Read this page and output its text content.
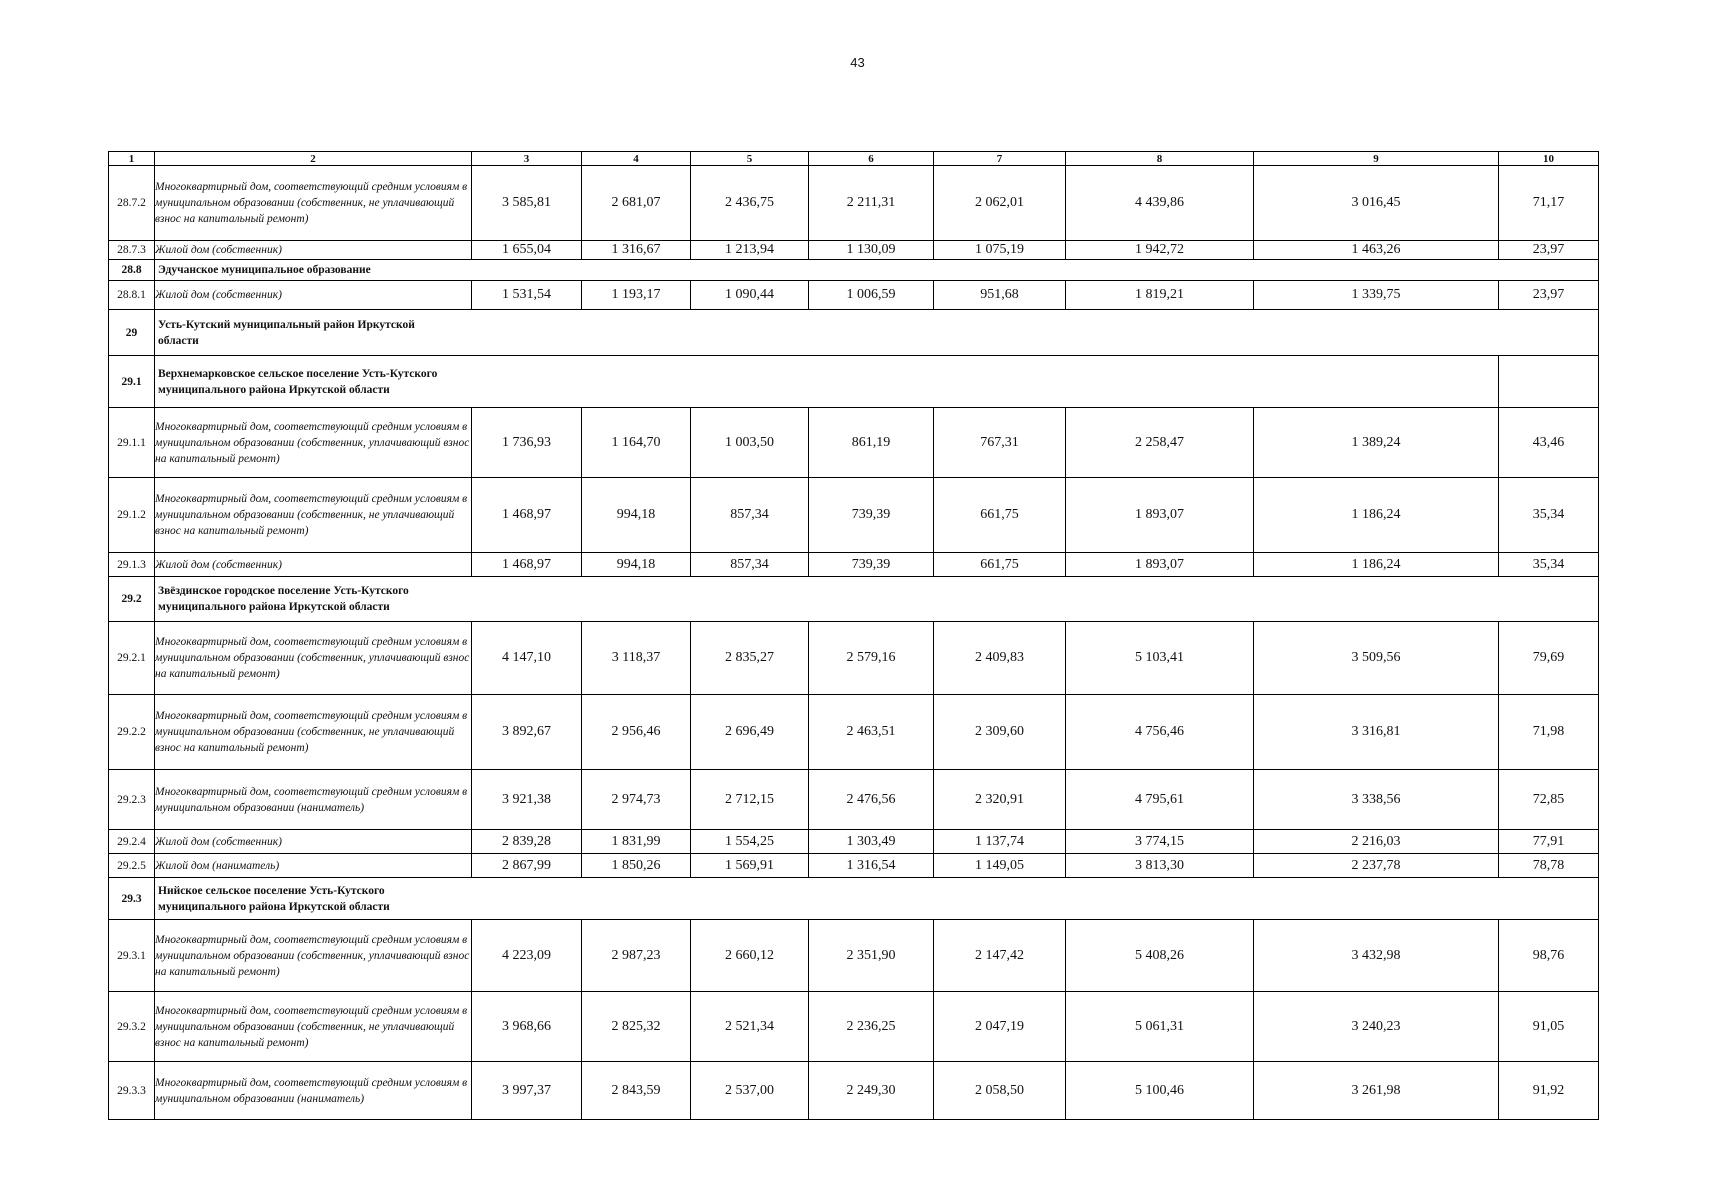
43
1	2	3	4	5	6	7	8	9	10
28.7.2	Многоквартирный дом, соответствующий средним условиям в муниципальном образовании (собственник, не уплачивающий взнос на капитальный ремонт)	3 585,81	2 681,07	2 436,75	2 211,31	2 062,01	4 439,86	3 016,45	71,17
28.7.3	Жилой дом (собственник)	1 655,04	1 316,67	1 213,94	1 130,09	1 075,19	1 942,72	1 463,26	23,97
28.8	Эдучанское муниципальное образование								

28.8.1	Жилой дом (собственник)	1 531,54	1 193,17	1 090,44	1 006,59	951,68	1 819,21	1 339,75	23,97
29	Усть-Кутский муниципальный район Иркутской области								

29.1	Верхнемарковское сельское поселение Усть-Кутского муниципального района Иркутской области								

29.1.1	Многоквартирный дом, соответствующий средним условиям в муниципальном образовании (собственник, уплачивающий взнос на капитальный ремонт)	1 736,93	1 164,70	1 003,50	861,19	767,31	2 258,47	1 389,24	43,46
29.1.2	Многоквартирный дом, соответствующий средним условиям в муниципальном образовании (собственник, не уплачивающий взнос на капитальный ремонт)	1 468,97	994,18	857,34	739,39	661,75	1 893,07	1 186,24	35,34
29.1.3	Жилой дом (собственник)	1 468,97	994,18	857,34	739,39	661,75	1 893,07	1 186,24	35,34
29.2	Звёздинское городское поселение Усть-Кутского муниципального района Иркутской области								

29.2.1	Многоквартирный дом, соответствующий средним условиям в муниципальном образовании (собственник, уплачивающий взнос на капитальный ремонт)	4 147,10	3 118,37	2 835,27	2 579,16	2 409,83	5 103,41	3 509,56	79,69
29.2.2	Многоквартирный дом, соответствующий средним условиям в муниципальном образовании (собственник, не уплачивающий взнос на капитальный ремонт)	3 892,67	2 956,46	2 696,49	2 463,51	2 309,60	4 756,46	3 316,81	71,98
29.2.3	Многоквартирный дом, соответствующий средним условиям в муниципальном образовании (наниматель)	3 921,38	2 974,73	2 712,15	2 476,56	2 320,91	4 795,61	3 338,56	72,85
29.2.4	Жилой дом (собственник)	2 839,28	1 831,99	1 554,25	1 303,49	1 137,74	3 774,15	2 216,03	77,91
29.2.5	Жилой дом (наниматель)	2 867,99	1 850,26	1 569,91	1 316,54	1 149,05	3 813,30	2 237,78	78,78
29.3	Нийское сельское поселение Усть-Кутского муниципального района Иркутской области								

29.3.1	Многоквартирный дом, соответствующий средним условиям в муниципальном образовании (собственник, уплачивающий взнос на капитальный ремонт)	4 223,09	2 987,23	2 660,12	2 351,90	2 147,42	5 408,26	3 432,98	98,76
29.3.2	Многоквартирный дом, соответствующий средним условиям в муниципальном образовании (собственник, не уплачивающий взнос на капитальный ремонт)	3 968,66	2 825,32	2 521,34	2 236,25	2 047,19	5 061,31	3 240,23	91,05
29.3.3	Многоквартирный дом, соответствующий средним условиям в муниципальном образовании (наниматель)	3 997,37	2 843,59	2 537,00	2 249,30	2 058,50	5 100,46	3 261,98	91,92
